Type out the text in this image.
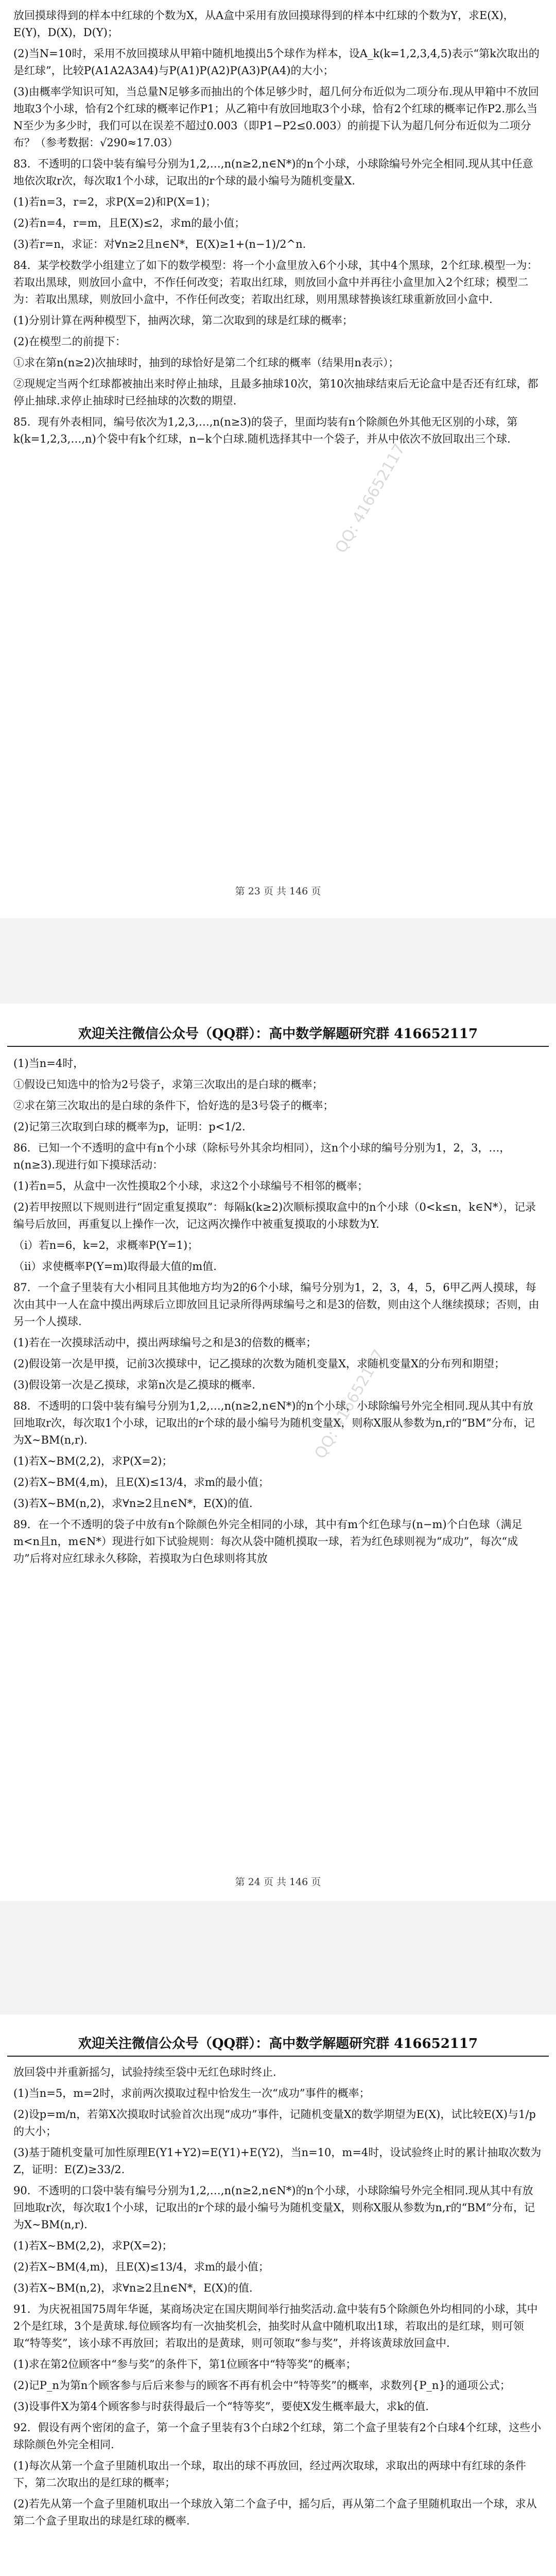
放回摸球得到的样本中红球的个数为X，从A盒中采用有放回摸球得到的样本中红球的个数为Y，求E(X)，E(Y)，D(X)，D(Y)；

(2)当N=10时，采用不放回摸球从甲箱中随机地摸出5个球作为样本，设A_k(k=1,2,3,4,5)表示“第k次取出的是红球”，比较P(A1A2A3A4)与P(A1)P(A2)P(A3)P(A4)的大小；

(3)由概率学知识可知，当总量N足够多而抽出的个体足够少时，超几何分布近似为二项分布.现从甲箱中不放回地取3个小球，恰有2个红球的概率记作P1；从乙箱中有放回地取3个小球，恰有2个红球的概率记作P2.那么当N至少为多少时，我们可以在误差不超过0.003（即P1−P2≤0.003）的前提下认为超几何分布近似为二项分布？（参考数据：√290≈17.03）

83．不透明的口袋中装有编号分别为1,2,…,n(n≥2,n∈N*)的n个小球，小球除编号外完全相同.现从其中任意地依次取r次，每次取1个小球，记取出的r个球的最小编号为随机变量X.

(1)若n=3，r=2，求P(X=2)和P(X=1)；

(2)若n=4，r=m，且E(X)≤2，求m的最小值；

(3)若r=n，求证：对∀n≥2且n∈N*，E(X)≥1+(n−1)/2^n.

84．某学校数学小组建立了如下的数学模型：将一个小盒里放入6个小球，其中4个黑球，2个红球.模型一为：若取出黑球，则放回小盒中，不作任何改变；若取出红球，则放回小盒中并再往小盒里加入2个红球；模型二为：若取出黑球，则放回小盒中，不作任何改变；若取出红球，则用黑球替换该红球重新放回小盒中.

(1)分别计算在两种模型下，抽两次球，第二次取到的球是红球的概率；

(2)在模型二的前提下：

①求在第n(n≥2)次抽球时，抽到的球恰好是第二个红球的概率（结果用n表示）；

②现规定当两个红球都被抽出来时停止抽球，且最多抽球10次，第10次抽球结束后无论盒中是否还有红球，都停止抽球.求停止抽球时已经抽球的次数的期望.

85．现有外表相同，编号依次为1,2,3,…,n(n≥3)的袋子，里面均装有n个除颜色外其他无区别的小球，第k(k=1,2,3,…,n)个袋中有k个红球，n−k个白球.随机选择其中一个袋子，并从中依次不放回取出三个球.

QQ: 416652117
第 23 页 共 146 页
欢迎关注微信公众号（QQ群）：高中数学解题研究群 416652117

(1)当n=4时，

①假设已知选中的恰为2号袋子，求第三次取出的是白球的概率；

②求在第三次取出的是白球的条件下，恰好选的是3号袋子的概率；

(2)记第三次取到白球的概率为p，证明：p<1/2.

86．已知一个不透明的盒中有n个小球（除标号外其余均相同），这n个小球的编号分别为1，2，3，…，n(n≥3).现进行如下摸球活动：

(1)若n=5，从盒中一次性摸取2个小球，求这2个小球编号不相邻的概率；

(2)若甲按照以下规则进行“固定重复摸取”：每隔k(k≥2)次顺标摸取盒中的n个小球（0<k≤n，k∈N*），记录编号后放回，再重复以上操作一次，记这两次操作中被重复摸取的小球数为Y.

（i）若n=6，k=2，求概率P(Y=1)；

（ii）求使概率P(Y=m)取得最大值的m值.

87．一个盒子里装有大小相同且其他地方均为2的6个小球，编号分别为1，2，3，4，5，6甲乙两人摸球，每次由其中一人在盒中摸出两球后立即放回且记录所得两球编号之和是3的倍数，则由这个人继续摸球；否则，由另一个人摸球.

(1)若在一次摸球活动中，摸出两球编号之和是3的倍数的概率；

(2)假设第一次是甲摸，记前3次摸球中，记乙摸球的次数为随机变量X，求随机变量X的分布列和期望；

(3)假设第一次是乙摸球，求第n次是乙摸球的概率.

88．不透明的口袋中装有编号分别为1,2,…,n(n≥2,n∈N*)的n个小球，小球除编号外完全相同.现从其中有放回地取r次，每次取1个小球，记取出的r个球的最小编号为随机变量X，则称X服从参数为n,r的“BM”分布，记为X∼BM(n,r).

(1)若X∼BM(2,2)，求P(X=2)；

(2)若X∼BM(4,m)，且E(X)≤13/4，求m的最小值；

(3)若X∼BM(n,2)，求∀n≥2且n∈N*，E(X)的值.

89．在一个不透明的袋子中放有n个除颜色外完全相同的小球，其中有m个红色球与(n−m)个白色球（满足m<n且n，m∈N*）现进行如下试验规则：每次从袋中随机摸取一球，若为红色球则视为“成功”，每次“成功”后将对应红球永久移除，若摸取为白色球则将其放

QQ: 416652117
第 24 页 共 146 页
欢迎关注微信公众号（QQ群）：高中数学解题研究群 416652117

放回袋中并重新摇匀，试验持续至袋中无红色球时终止.

(1)当n=5，m=2时，求前两次摸取过程中恰发生一次“成功”事件的概率；

(2)设p=m/n，若第X次摸取时试验首次出现“成功”事件，记随机变量X的数学期望为E(X)，试比较E(X)与1/p的大小；

(3)基于随机变量可加性原理E(Y1+Y2)=E(Y1)+E(Y2)，当n=10，m=4时，设试验终止时的累计抽取次数为Z，证明：E(Z)≥33/2.

90．不透明的口袋中装有编号分别为1,2,…,n(n≥2,n∈N*)的n个小球，小球除编号外完全相同.现从其中有放回地取r次，每次取1个小球，记取出的r个球的最小编号为随机变量X，则称X服从参数为n,r的“BM”分布，记为X∼BM(n,r).

(1)若X∼BM(2,2)，求P(X=2)；

(2)若X∼BM(4,m)，且E(X)≤13/4，求m的最小值；

(3)若X∼BM(n,2)，求∀n≥2且n∈N*，E(X)的值.

91．为庆祝祖国75周年华诞，某商场决定在国庆期间举行抽奖活动.盒中装有5个除颜色外均相同的小球，其中2个是红球，3个是黄球.每位顾客均有一次抽奖机会，抽奖时从盒中随机取出1球，若取出的是红球，则可领取“特等奖”，该小球不再放回；若取出的是黄球，则可领取“参与奖”，并将该黄球放回盒中.

(1)求在第2位顾客中“参与奖”的条件下，第1位顾客中“特等奖”的概率；

(2)记P_n为第n个顾客参与后后来参与的顾客不再有机会中“特等奖”的概率，求数列{P_n}的通项公式；

(3)设事件X为第4个顾客参与时获得最后一个“特等奖”，要使X发生概率最大，求k的值.

92．假设有两个密闭的盒子，第一个盒子里装有3个白球2个红球，第二个盒子里装有2个白球4个红球，这些小球除颜色外完全相同.

(1)每次从第一个盒子里随机取出一个球，取出的球不再放回，经过两次取球，求取出的两球中有红球的条件下，第二次取出的是红球的概率；

(2)若先从第一个盒子里随机取出一个球放入第二个盒子中，摇匀后，再从第二个盒子里随机取出一个球，求从第二个盒子里取出的球是红球的概率.
